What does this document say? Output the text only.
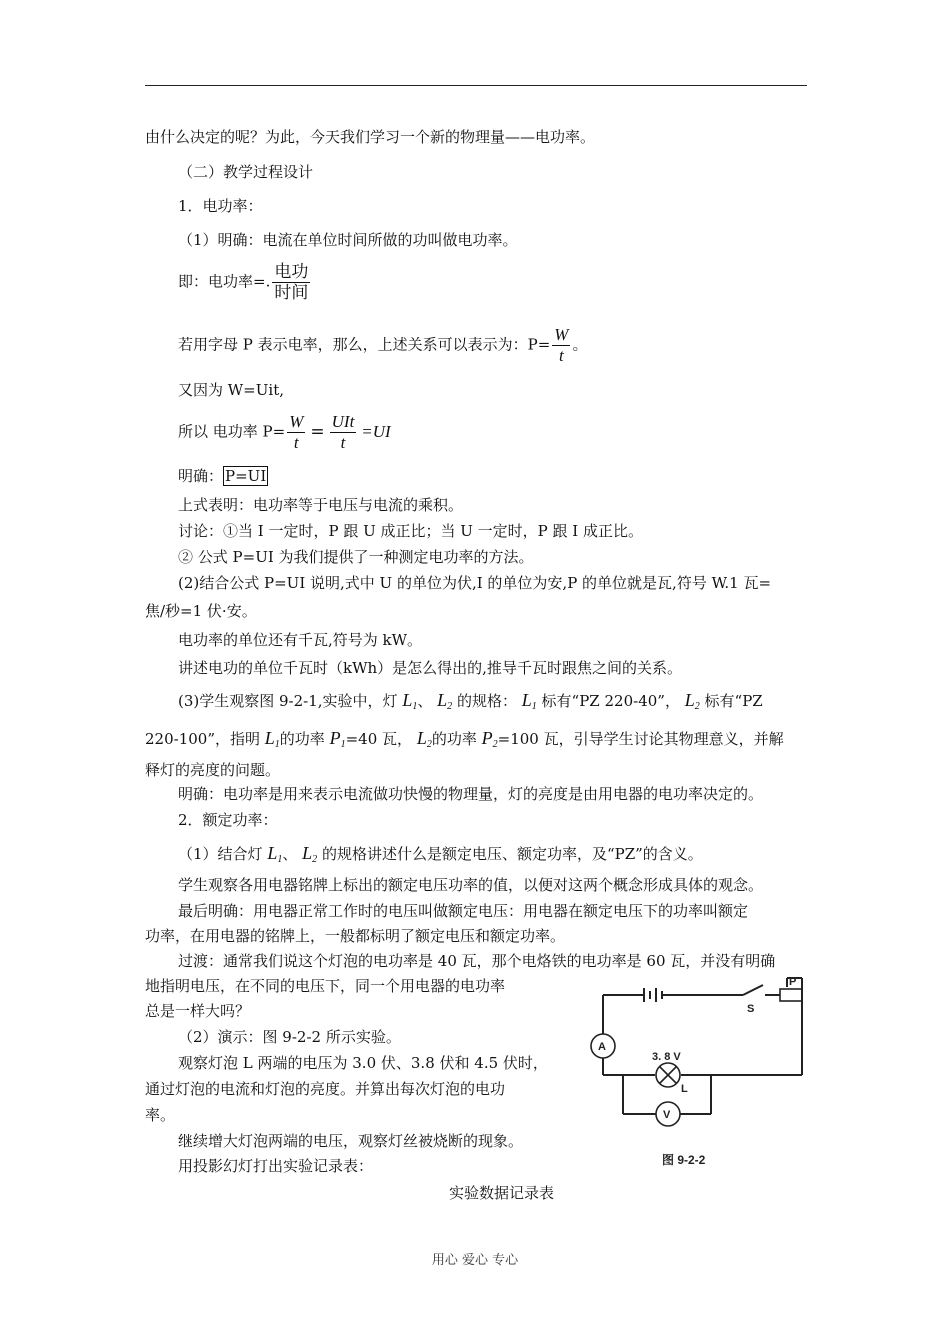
由什么决定的呢？为此，今天我们学习一个新的物理量——电功率。
（二）教学过程设计
1．电功率：
（1）明确：电流在单位时间所做的功叫做电功率。
即：电功率=. $\frac{\text{电功}}{\text{时间}}$
若用字母 P 表示电率，那么，上述关系可以表示为：$P= \frac{W}{t}$ 。
又因为 W=Uit,
所以 电功率 $P= \frac{W}{t} = \frac{\text{UIt}}{t} =UI$
明确： P=UI
上式表明：电功率等于电压与电流的乘积。
讨论：①当 I 一定时，P 跟 U 成正比；当 U 一定时，P 跟 I 成正比。
② 公式 P=UI 为我们提供了一种测定电功率的方法。
(2)结合公式 P=UI 说明,式中 U 的单位为伏,I 的单位为安,P 的单位就是瓦,符号 W.1 瓦=
焦/秒=1 伏·安。
电功率的单位还有千瓦,符号为 kW。
讲述电功的单位千瓦时（kWh）是怎么得出的,推导千瓦时跟焦之间的关系。
(3)学生观察图 9-2-1,实验中，灯 $L_1$、 $L_2$ 的规格： $L_1$ 标有“PZ 220-40”， $L_2$ 标有“PZ
220-100”，指明 $L_1$的功率 $P_1=40$ 瓦， $L_2$的功率 $P_2=100$ 瓦，引导学生讨论其物理意义，并解
释灯的亮度的问题。
明确：电功率是用来表示电流做功快慢的物理量，灯的亮度是由用电器的电功率决定的。
2．额定功率：
（1）结合灯 $L_1$、 $L_2$ 的规格讲述什么是额定电压、额定功率，及“PZ”的含义。
学生观察各用电器铭牌上标出的额定电压功率的值，以便对这两个概念形成具体的观念。
最后明确：用电器正常工作时的电压叫做额定电压：用电器在额定电压下的功率叫额定
功率，在用电器的铭牌上，一般都标明了额定电压和额定功率。
过渡：通常我们说这个灯泡的电功率是 40 瓦，那个电烙铁的电功率是 60 瓦，并没有明确
地指明电压，在不同的电压下，同一个用电器的电功率
总是一样大吗？
（2）演示：图 9-2-2 所示实验。
观察灯泡 L 两端的电压为 3.0 伏、3.8 伏和 4.5 伏时，
通过灯泡的电流和灯泡的亮度。并算出每次灯泡的电功
率。
继续增大灯泡两端的电压，观察灯丝被烧断的现象。
用投影幻灯打出实验记录表：
实验数据记录表
P
S
A
V
L
3. 8 V
图 9-2-2
用心 爱心 专心
